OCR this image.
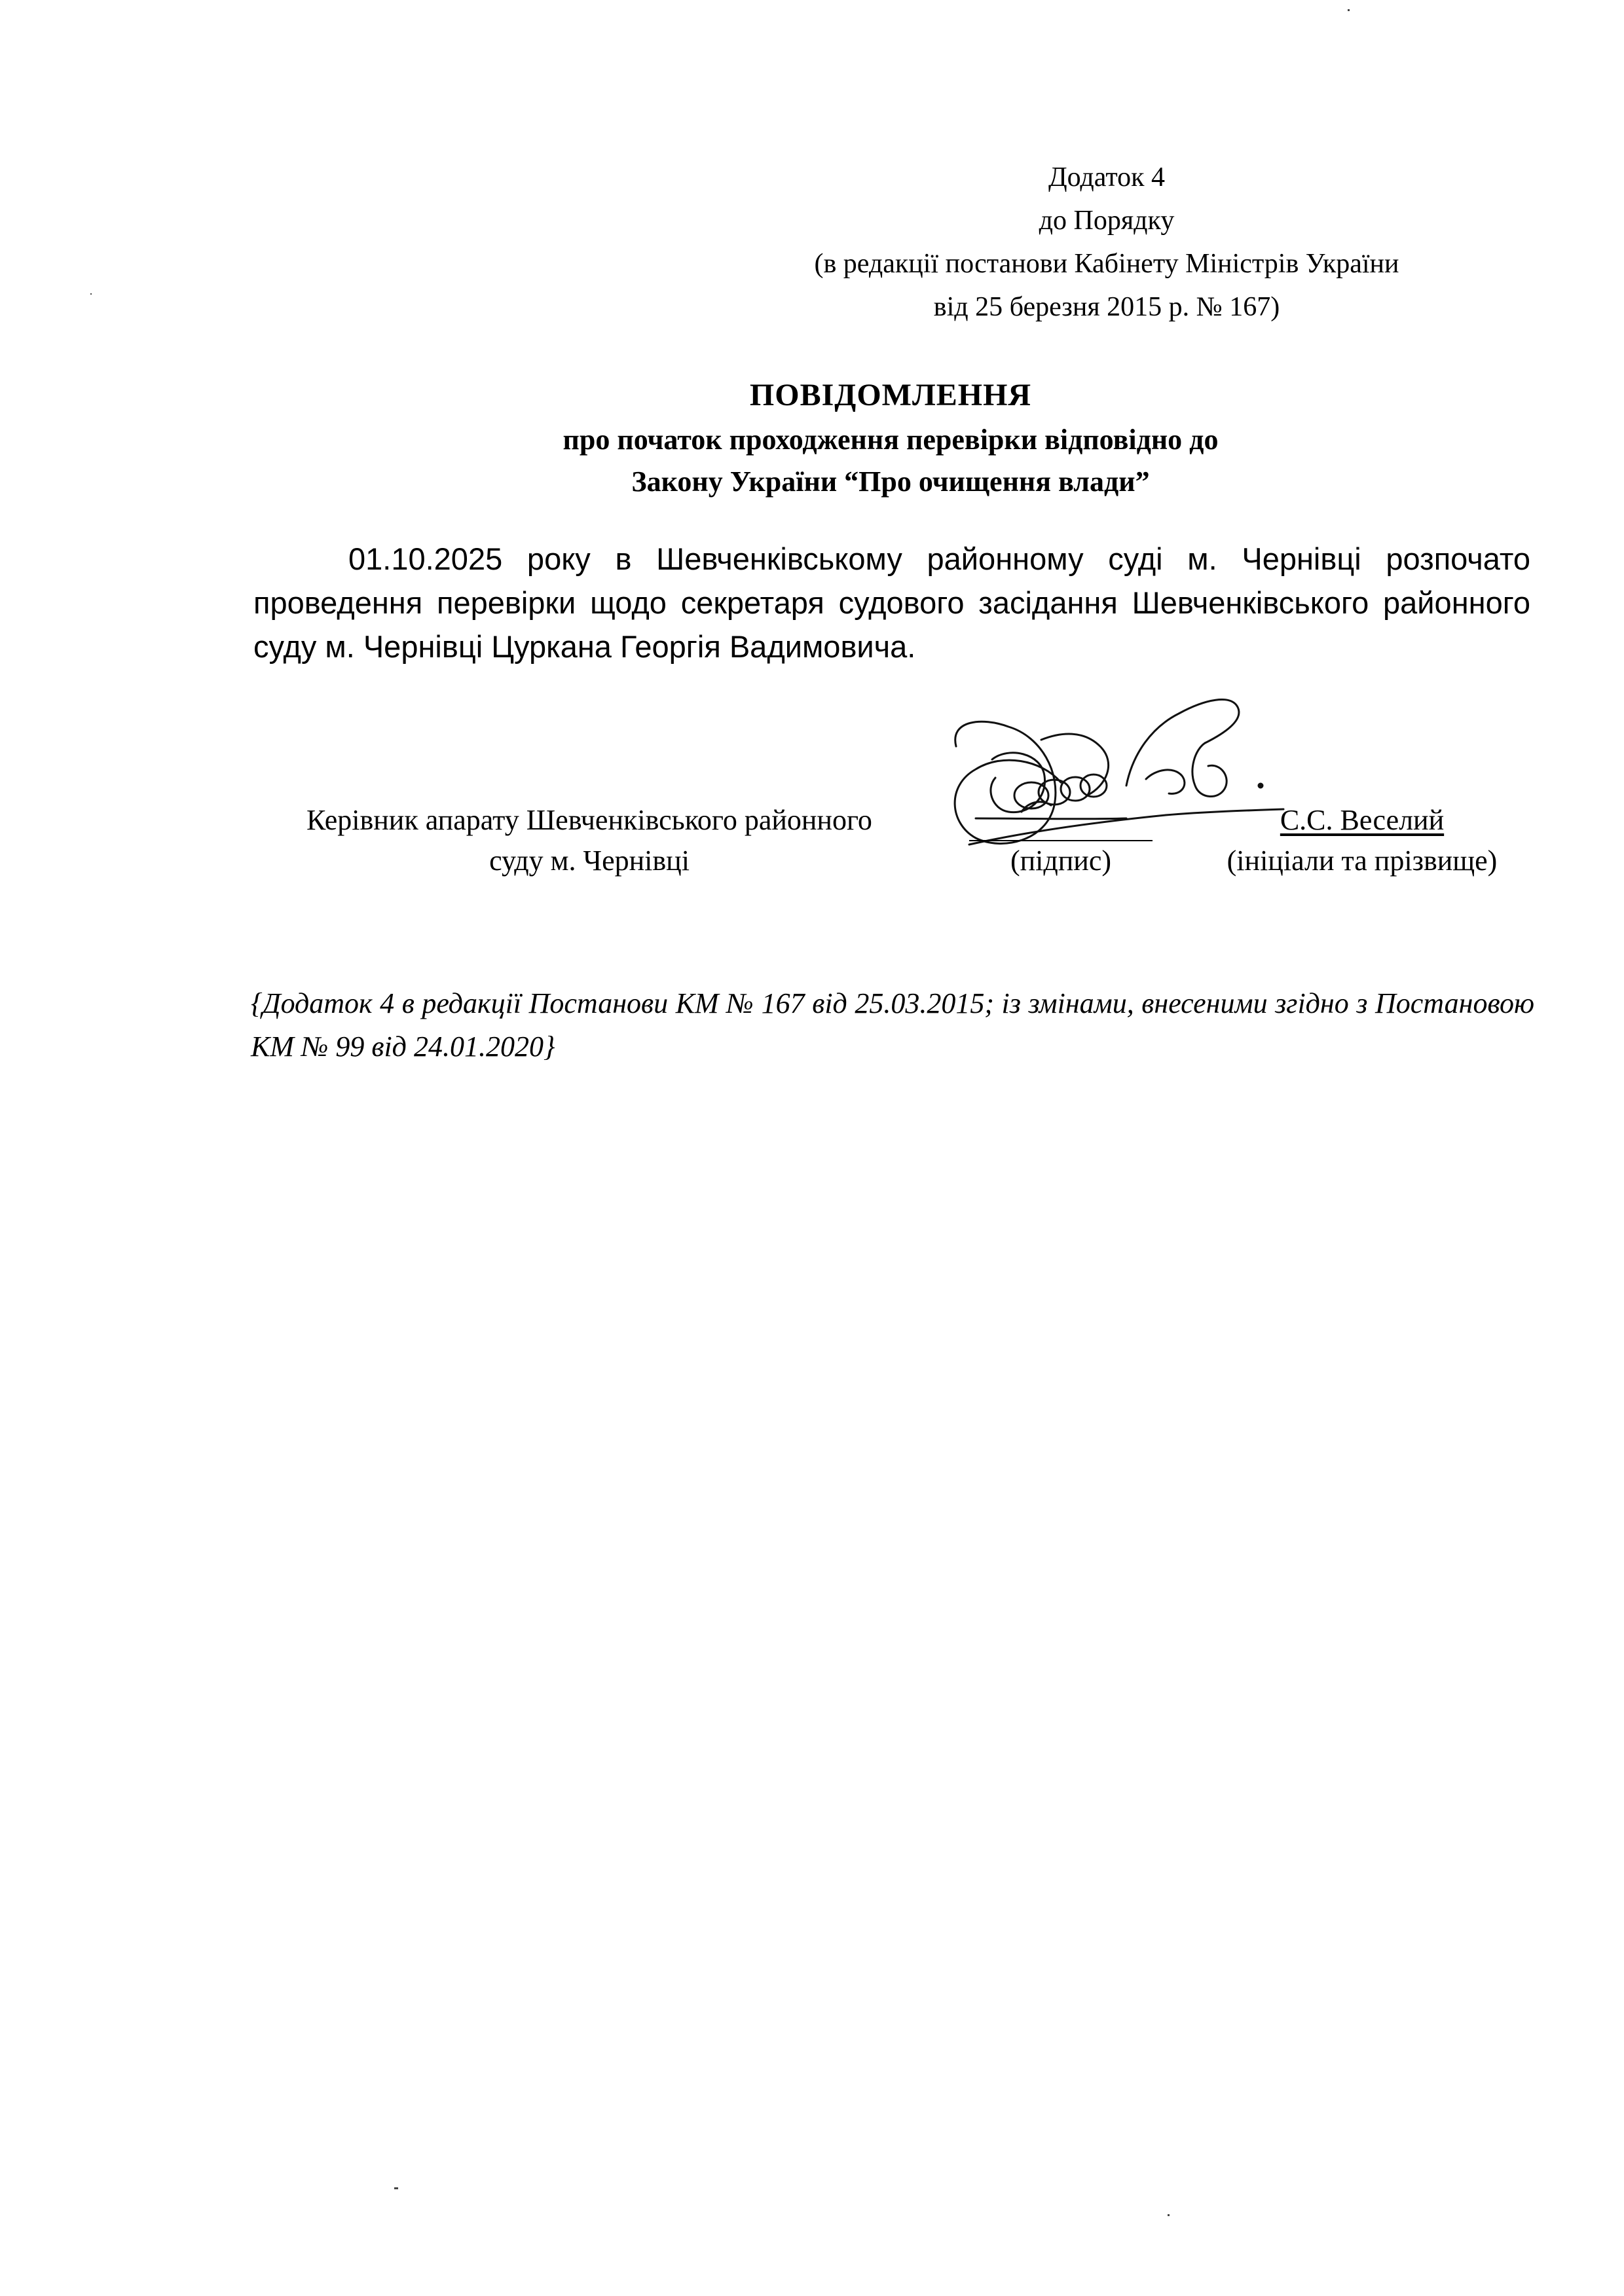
Додаток 4
до Порядку
(в редакції постанови Кабінету Міністрів України
від 25 березня 2015 р. № 167)
ПОВІДОМЛЕННЯ
про початок проходження перевірки відповідно до
Закону України “Про очищення влади”
01.10.2025 року в Шевченківському районному суді м. Чернівці розпочато проведення перевірки щодо секретаря судового засідання Шевченківського районного суду м. Чернівці Цуркана Георгія Вадимовича.
Керівник апарату Шевченківського районного
суду м. Чернівці	(підпис)
С.С. Веселий
(ініціали та прізвище)
{Додаток 4 в редакції Постанови КМ № 167 від 25.03.2015; із змінами, внесеними згідно з Постановою КМ № 99 від 24.01.2020}
